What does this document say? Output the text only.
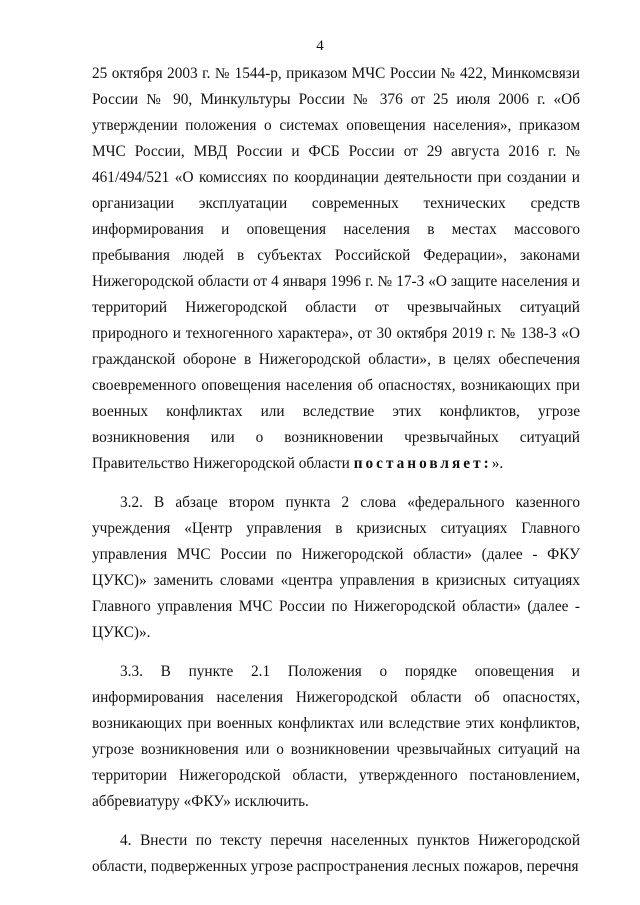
4

25 октября 2003 г. № 1544-р, приказом МЧС России № 422, Минкомсвязи России № 90, Минкультуры России № 376 от 25 июля 2006 г. «Об утверждении положения о системах оповещения населения», приказом МЧС России, МВД России и ФСБ России от 29 августа 2016 г. № 461/494/521 «О комиссиях по координации деятельности при создании и организации эксплуатации современных технических средств информирования и оповещения населения в местах массового пребывания людей в субъектах Российской Федерации», законами Нижегородской области от 4 января 1996 г. № 17-З «О защите населения и территорий Нижегородской области от чрезвычайных ситуаций природного и техногенного характера», от 30 октября 2019 г. № 138-З «О гражданской обороне в Нижегородской области», в целях обеспечения своевременного оповещения населения об опасностях, возникающих при военных конфликтах или вследствие этих конфликтов, угрозе возникновения или о возникновении чрезвычайных ситуаций Правительство Нижегородской области постановляет:».

3.2. В абзаце втором пункта 2 слова «федерального казенного учреждения «Центр управления в кризисных ситуациях Главного управления МЧС России по Нижегородской области» (далее - ФКУ ЦУКС)» заменить словами «центра управления в кризисных ситуациях Главного управления МЧС России по Нижегородской области» (далее - ЦУКС)».

3.3. В пункте 2.1 Положения о порядке оповещения и информирования населения Нижегородской области об опасностях, возникающих при военных конфликтах или вследствие этих конфликтов, угрозе возникновения или о возникновении чрезвычайных ситуаций на территории Нижегородской области, утвержденного постановлением, аббревиатуру «ФКУ» исключить.

4. Внести по тексту перечня населенных пунктов Нижегородской области, подверженных угрозе распространения лесных пожаров, перечня
